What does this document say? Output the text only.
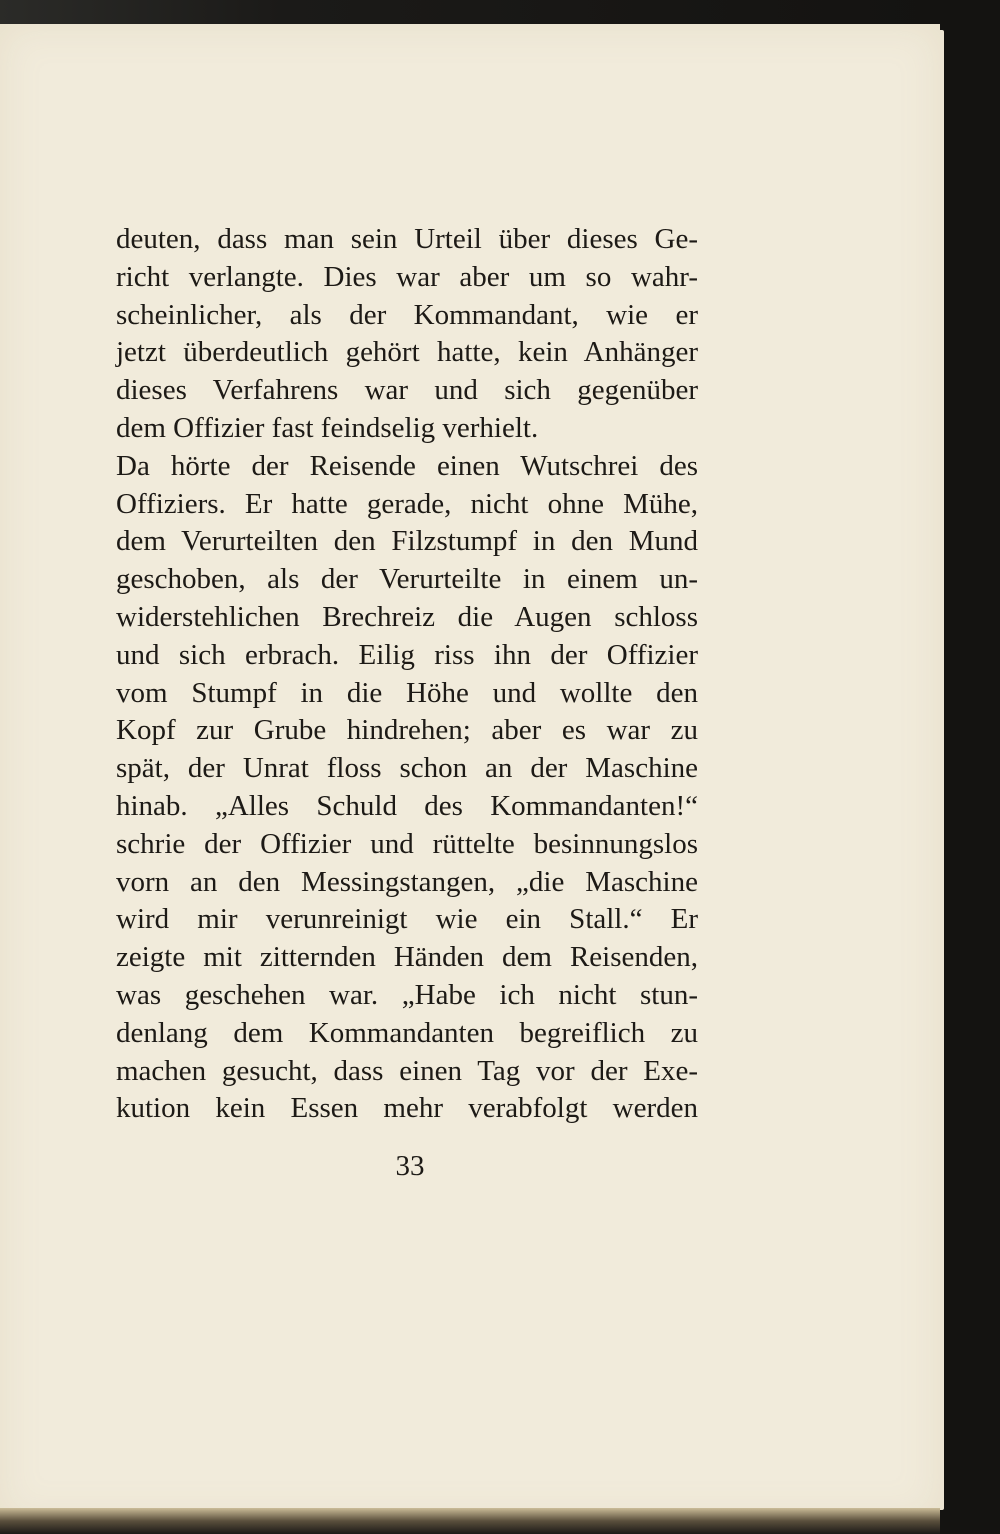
deuten, dass man sein Urteil über dieses Ge-
richt verlangte. Dies war aber um so wahr-
scheinlicher, als der Kommandant, wie er
jetzt überdeutlich gehört hatte, kein Anhänger
dieses Verfahrens war und sich gegenüber
dem Offizier fast feindselig verhielt.
Da hörte der Reisende einen Wutschrei des
Offiziers. Er hatte gerade, nicht ohne Mühe,
dem Verurteilten den Filzstumpf in den Mund
geschoben, als der Verurteilte in einem un-
widerstehlichen Brechreiz die Augen schloss
und sich erbrach. Eilig riss ihn der Offizier
vom Stumpf in die Höhe und wollte den
Kopf zur Grube hindrehen; aber es war zu
spät, der Unrat floss schon an der Maschine
hinab. „Alles Schuld des Kommandanten!“
schrie der Offizier und rüttelte besinnungslos
vorn an den Messingstangen, „die Maschine
wird mir verunreinigt wie ein Stall.“ Er
zeigte mit zitternden Händen dem Reisenden,
was geschehen war. „Habe ich nicht stun-
denlang dem Kommandanten begreiflich zu
machen gesucht, dass einen Tag vor der Exe-
kution kein Essen mehr verabfolgt werden
33
